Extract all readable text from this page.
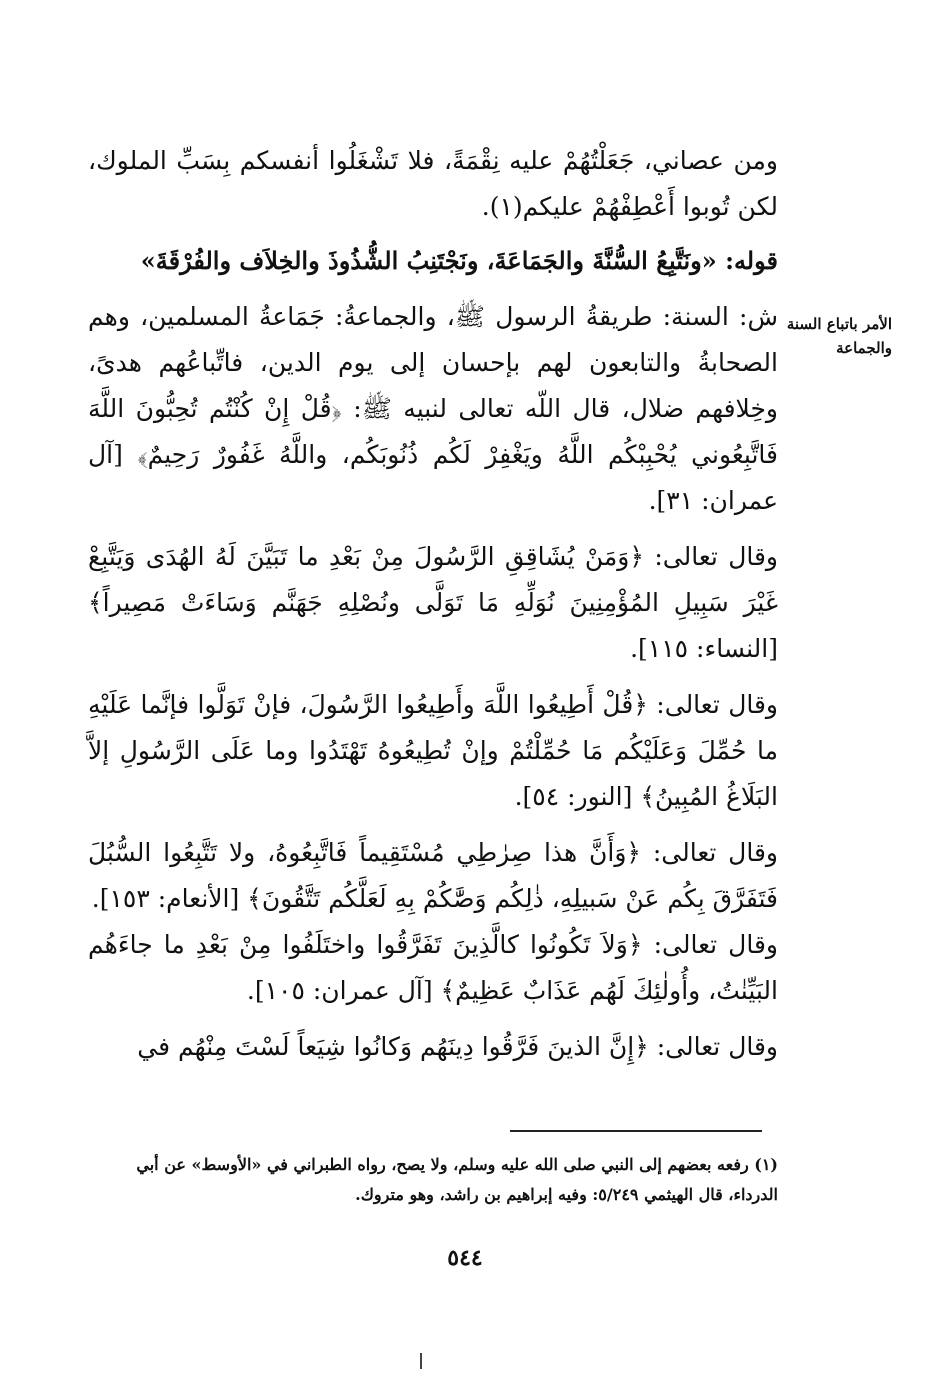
الأمر باتباع السنة والجماعة

ومن عصاني، جَعَلْتُهُمْ عليه نِقْمَةً، فلا تَشْغَلُوا أنفسكم بِسَبِّ الملوك، لكن تُوبوا أَعْطِفْهُمْ عليكم(١).

قوله: «ونَتَّبِعُ السُّنَّةَ والجَمَاعَةَ، ونَجْتَنِبُ الشُّذُوذَ والخِلاَف والفُرْقَةَ»

ش: السنة: طريقةُ الرسول ﷺ، والجماعةُ: جَمَاعةُ المسلمين، وهم الصحابةُ والتابعون لهم بإحسان إلى يوم الدين، فاتِّباعُهم هدىً، وخِلافهم ضلال، قال اللّه تعالى لنبيه ﷺ: ﴿قُلْ إِنْ كُنْتُم تُحِبُّونَ اللَّهَ فَاتَّبِعُوني يُحْبِبْكُم اللَّهُ ويَغْفِرْ لَكُم ذُنُوبَكُم، واللَّهُ غَفُورٌ رَحِيمٌ﴾ [آل عمران: ٣١].

وقال تعالى: ﴿وَمَنْ يُشَاقِقِ الرَّسُولَ مِنْ بَعْدِ ما تَبَيَّنَ لَهُ الهُدَى وَيَتَّبِعْ غَيْرَ سَبِيلِ المُؤْمِنِينَ نُوَلِّهِ مَا تَوَلَّى ونُصْلِهِ جَهَنَّم وَسَاءَتْ مَصِيراً﴾ [النساء: ١١٥].

وقال تعالى: ﴿قُلْ أَطِيعُوا اللَّهَ وأَطِيعُوا الرَّسُولَ، فإنْ تَوَلَّوا فإنَّما عَلَيْهِ ما حُمِّلَ وَعَلَيْكُم مَا حُمِّلْتُمْ وإنْ تُطِيعُوهُ تَهْتَدُوا وما عَلَى الرَّسُولِ إلاَّ البَلَاغُ المُبِينُ﴾ [النور: ٥٤].

وقال تعالى: ﴿وَأَنَّ هذا صِرٰطِي مُسْتَقِيماً فَاتَّبِعُوهُ، ولا تَتَّبِعُوا السُّبُلَ فَتَفَرَّقَ بِكُم عَنْ سَبيلِهِ، ذٰلِكُم وَصَّٰكُمْ بِهِ لَعَلَّكُم تَتَّقُونَ﴾ [الأنعام: ١٥٣].

وقال تعالى: ﴿وَلاَ تَكُونُوا كالَّذِينَ تَفَرَّقُوا واختَلَفُوا مِنْ بَعْدِ ما جاءَهُم البَيِّنٰتُ، وأُولٰئِكَ لَهُم عَذَابٌ عَظِيمٌ﴾ [آل عمران: ١٠٥].

وقال تعالى: ﴿إِنَّ الذينَ فَرَّقُوا دِينَهُم وَكانُوا شِيَعاً لَسْتَ مِنْهُم في

(١) رفعه بعضهم إلى النبي صلى الله عليه وسلم، ولا يصح، رواه الطبراني في «الأوسط» عن أبي الدرداء، قال الهيثمي ٥/٢٤٩: وفيه إبراهيم بن راشد، وهو متروك.
٥٤٤
